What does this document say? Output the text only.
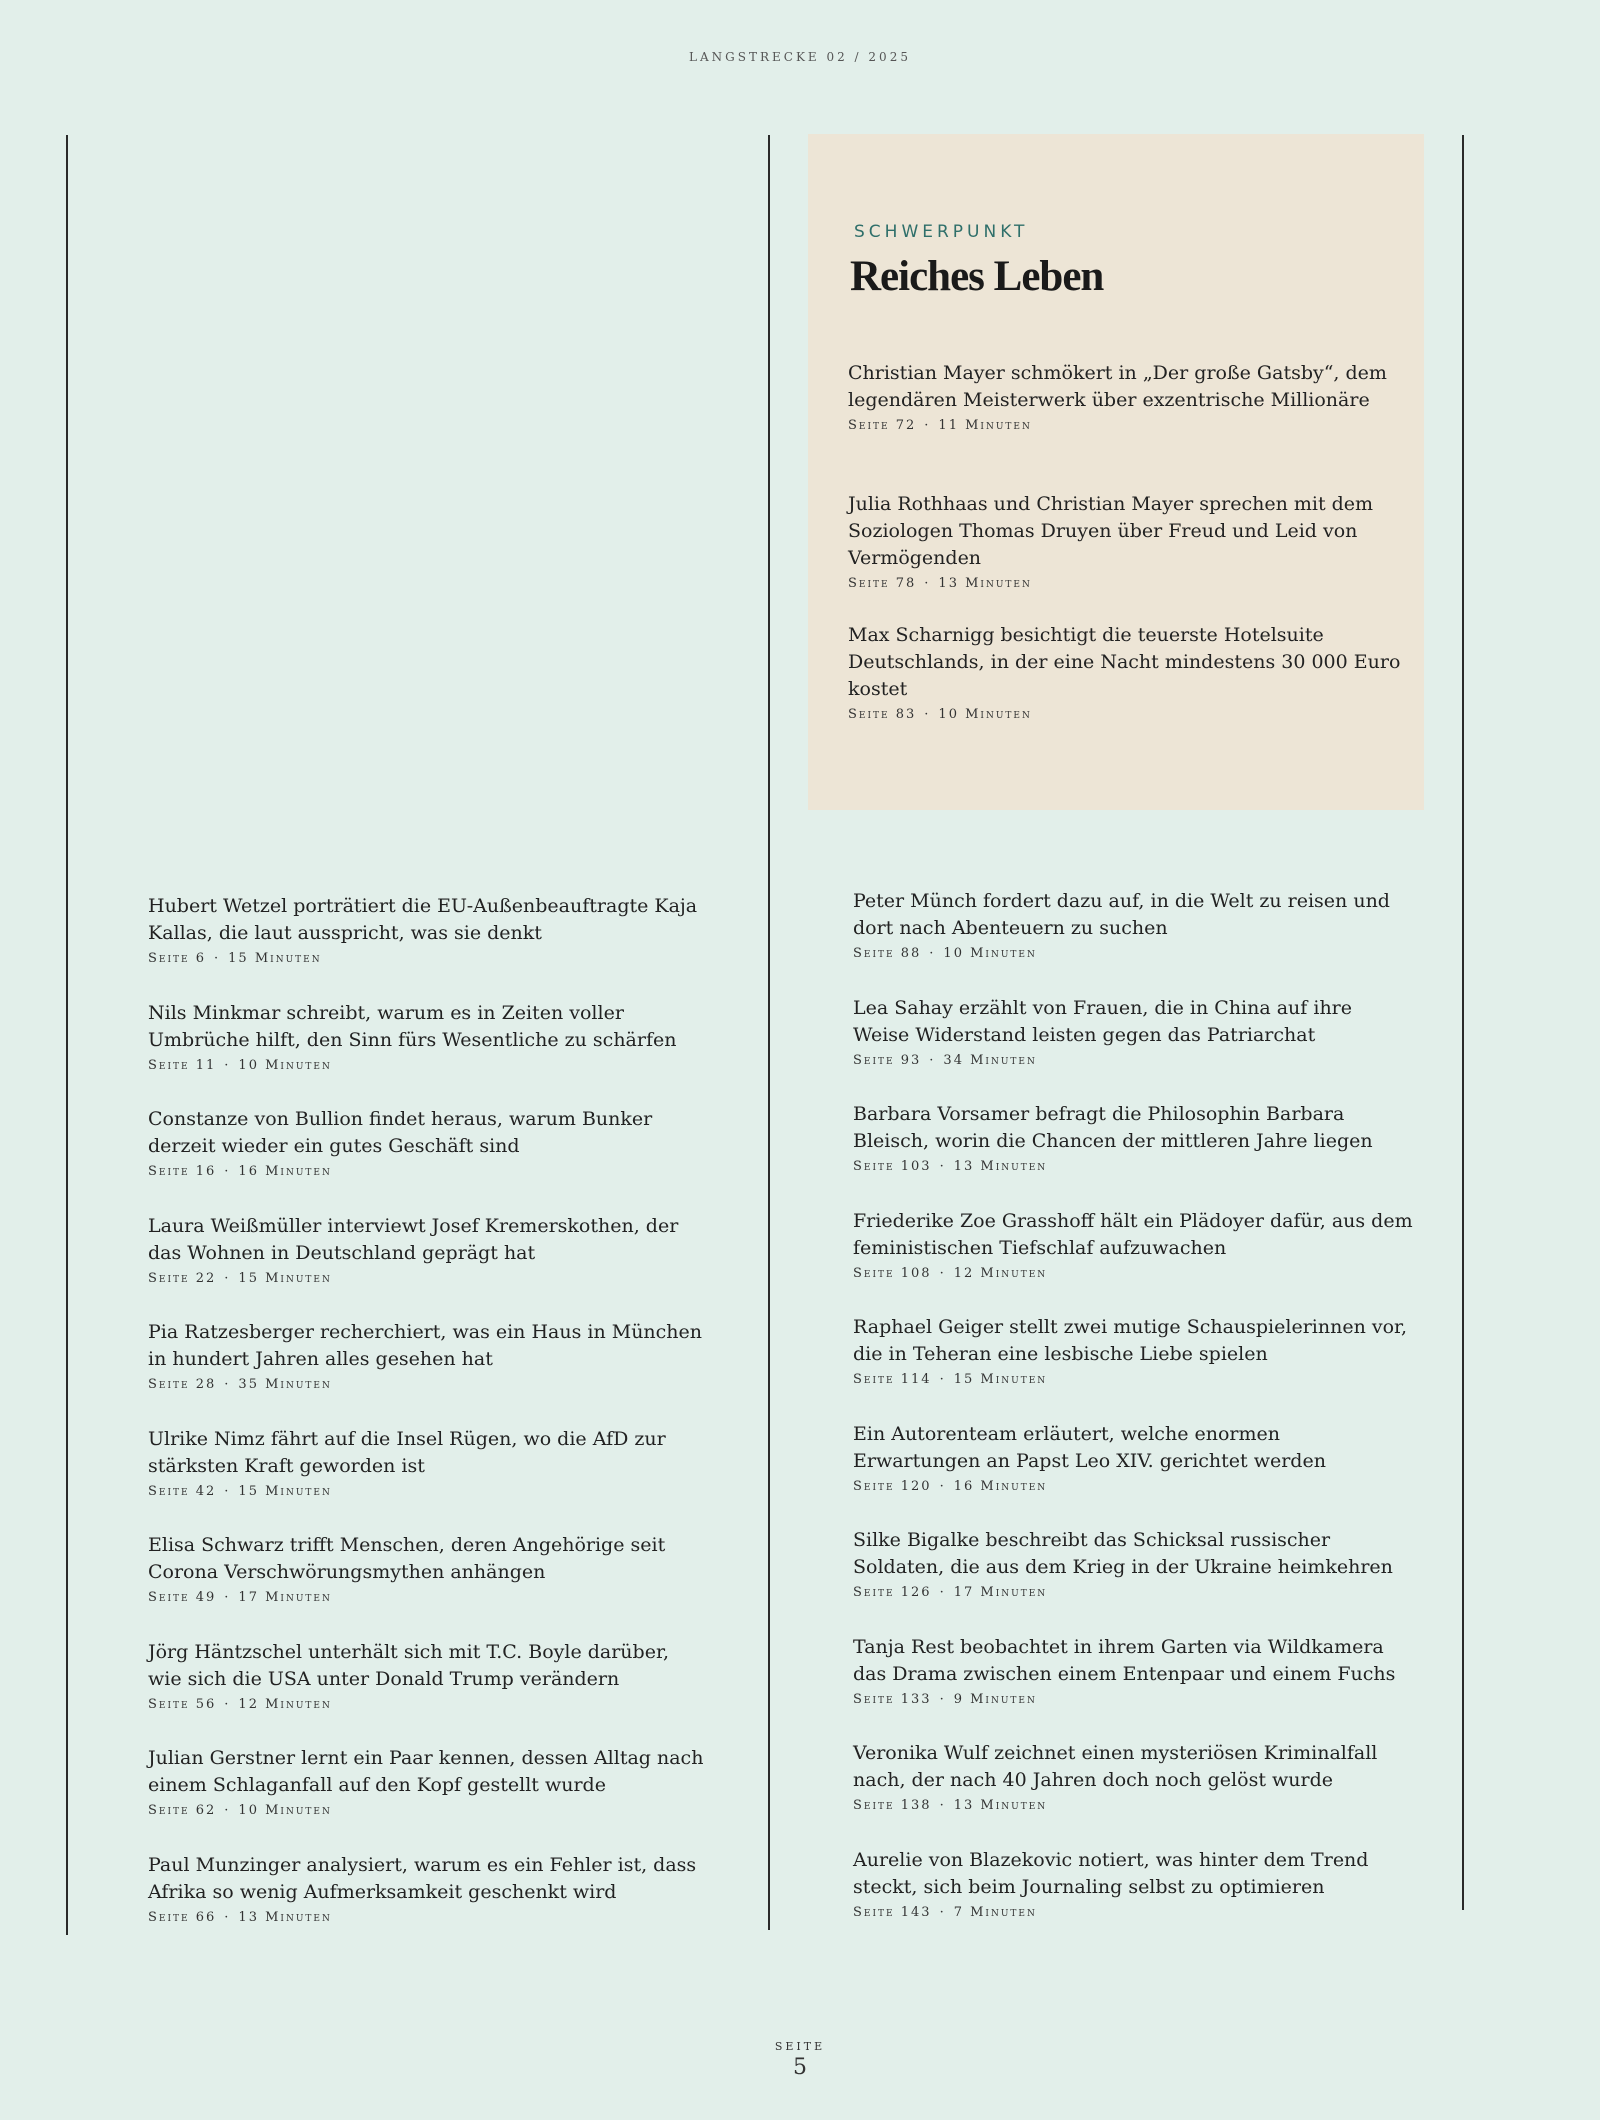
LANGSTRECKE 02 / 2025
SCHWERPUNKT
Reiches Leben
Christian Mayer schmökert in „Der große Gatsby“, dem legendären Meisterwerk über exzentrische Millionäre
Seite 72 · 11 Minuten
Julia Rothhaas und Christian Mayer sprechen mit dem Soziologen Thomas Druyen über Freud und Leid von Vermögenden
Seite 78 · 13 Minuten
Max Scharnigg besichtigt die teuerste Hotelsuite Deutschlands, in der eine Nacht mindestens 30 000 Euro kostet
Seite 83 · 10 Minuten
Hubert Wetzel porträtiert die EU-Außenbeauftragte Kaja Kallas, die laut ausspricht, was sie denkt
Seite 6 · 15 Minuten
Nils Minkmar schreibt, warum es in Zeiten voller Umbrüche hilft, den Sinn fürs Wesentliche zu schärfen
Seite 11 · 10 Minuten
Constanze von Bullion findet heraus, warum Bunker derzeit wieder ein gutes Geschäft sind
Seite 16 · 16 Minuten
Laura Weißmüller interviewt Josef Kremerskothen, der das Wohnen in Deutschland geprägt hat
Seite 22 · 15 Minuten
Pia Ratzesberger recherchiert, was ein Haus in München in hundert Jahren alles gesehen hat
Seite 28 · 35 Minuten
Ulrike Nimz fährt auf die Insel Rügen, wo die AfD zur stärksten Kraft geworden ist
Seite 42 · 15 Minuten
Elisa Schwarz trifft Menschen, deren Angehörige seit Corona Verschwörungsmythen anhängen
Seite 49 · 17 Minuten
Jörg Häntzschel unterhält sich mit T.C. Boyle darüber, wie sich die USA unter Donald Trump verändern
Seite 56 · 12 Minuten
Julian Gerstner lernt ein Paar kennen, dessen Alltag nach einem Schlaganfall auf den Kopf gestellt wurde
Seite 62 · 10 Minuten
Paul Munzinger analysiert, warum es ein Fehler ist, dass Afrika so wenig Aufmerksamkeit geschenkt wird
Seite 66 · 13 Minuten
Peter Münch fordert dazu auf, in die Welt zu reisen und dort nach Abenteuern zu suchen
Seite 88 · 10 Minuten
Lea Sahay erzählt von Frauen, die in China auf ihre Weise Widerstand leisten gegen das Patriarchat
Seite 93 · 34 Minuten
Barbara Vorsamer befragt die Philosophin Barbara Bleisch, worin die Chancen der mittleren Jahre liegen
Seite 103 · 13 Minuten
Friederike Zoe Grasshoff hält ein Plädoyer dafür, aus dem feministischen Tiefschlaf aufzuwachen
Seite 108 · 12 Minuten
Raphael Geiger stellt zwei mutige Schauspielerinnen vor, die in Teheran eine lesbische Liebe spielen
Seite 114 · 15 Minuten
Ein Autorenteam erläutert, welche enormen Erwartungen an Papst Leo XIV. gerichtet werden
Seite 120 · 16 Minuten
Silke Bigalke beschreibt das Schicksal russischer Soldaten, die aus dem Krieg in der Ukraine heimkehren
Seite 126 · 17 Minuten
Tanja Rest beobachtet in ihrem Garten via Wildkamera das Drama zwischen einem Entenpaar und einem Fuchs
Seite 133 · 9 Minuten
Veronika Wulf zeichnet einen mysteriösen Kriminalfall nach, der nach 40 Jahren doch noch gelöst wurde
Seite 138 · 13 Minuten
Aurelie von Blazekovic notiert, was hinter dem Trend steckt, sich beim Journaling selbst zu optimieren
Seite 143 · 7 Minuten
SEITE
5
